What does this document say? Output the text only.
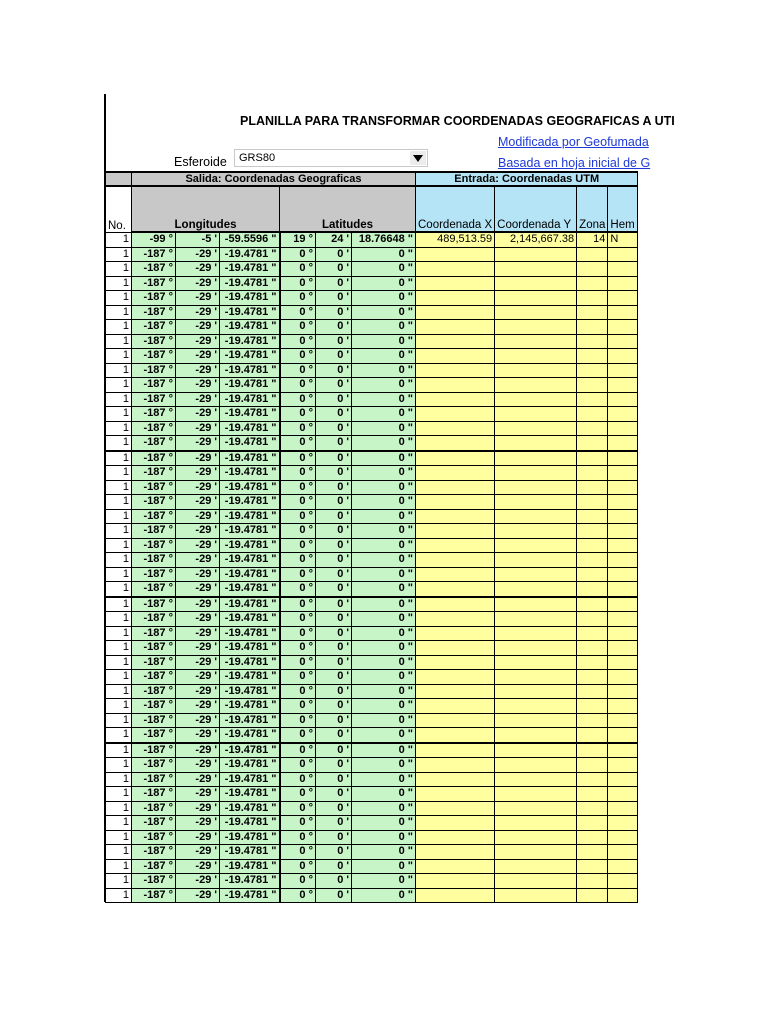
PLANILLA PARA TRANSFORMAR COORDENADAS GEOGRAFICAS A UTI
Modificada por Geofumada
Basada en hoja inicial de G
Esferoide GRS80
	Salida: Coordenadas Geograficas						Entrada: Coordenadas UTM			
No.	Longitudes			Latitudes			Coordenada X	Coordenada Y	Zona	Hem
1	-99 °	-5 '	-59.5596 "	19 °	24 '	18.76648 "	489,513.59	2,145,667.38	14	N
1	-187 °	-29 '	-19.4781 "	0 °	0 '	0 "				
1	-187 °	-29 '	-19.4781 "	0 °	0 '	0 "				
1	-187 °	-29 '	-19.4781 "	0 °	0 '	0 "				
1	-187 °	-29 '	-19.4781 "	0 °	0 '	0 "				
1	-187 °	-29 '	-19.4781 "	0 °	0 '	0 "				
1	-187 °	-29 '	-19.4781 "	0 °	0 '	0 "				
1	-187 °	-29 '	-19.4781 "	0 °	0 '	0 "				
1	-187 °	-29 '	-19.4781 "	0 °	0 '	0 "				
1	-187 °	-29 '	-19.4781 "	0 °	0 '	0 "				
1	-187 °	-29 '	-19.4781 "	0 °	0 '	0 "				
1	-187 °	-29 '	-19.4781 "	0 °	0 '	0 "				
1	-187 °	-29 '	-19.4781 "	0 °	0 '	0 "				
1	-187 °	-29 '	-19.4781 "	0 °	0 '	0 "				
1	-187 °	-29 '	-19.4781 "	0 °	0 '	0 "				
1	-187 °	-29 '	-19.4781 "	0 °	0 '	0 "				
1	-187 °	-29 '	-19.4781 "	0 °	0 '	0 "				
1	-187 °	-29 '	-19.4781 "	0 °	0 '	0 "				
1	-187 °	-29 '	-19.4781 "	0 °	0 '	0 "				
1	-187 °	-29 '	-19.4781 "	0 °	0 '	0 "				
1	-187 °	-29 '	-19.4781 "	0 °	0 '	0 "				
1	-187 °	-29 '	-19.4781 "	0 °	0 '	0 "				
1	-187 °	-29 '	-19.4781 "	0 °	0 '	0 "				
1	-187 °	-29 '	-19.4781 "	0 °	0 '	0 "				
1	-187 °	-29 '	-19.4781 "	0 °	0 '	0 "				
1	-187 °	-29 '	-19.4781 "	0 °	0 '	0 "				
1	-187 °	-29 '	-19.4781 "	0 °	0 '	0 "				
1	-187 °	-29 '	-19.4781 "	0 °	0 '	0 "				
1	-187 °	-29 '	-19.4781 "	0 °	0 '	0 "				
1	-187 °	-29 '	-19.4781 "	0 °	0 '	0 "				
1	-187 °	-29 '	-19.4781 "	0 °	0 '	0 "				
1	-187 °	-29 '	-19.4781 "	0 °	0 '	0 "				
1	-187 °	-29 '	-19.4781 "	0 °	0 '	0 "				
1	-187 °	-29 '	-19.4781 "	0 °	0 '	0 "				
1	-187 °	-29 '	-19.4781 "	0 °	0 '	0 "				
1	-187 °	-29 '	-19.4781 "	0 °	0 '	0 "				
1	-187 °	-29 '	-19.4781 "	0 °	0 '	0 "				
1	-187 °	-29 '	-19.4781 "	0 °	0 '	0 "				
1	-187 °	-29 '	-19.4781 "	0 °	0 '	0 "				
1	-187 °	-29 '	-19.4781 "	0 °	0 '	0 "				
1	-187 °	-29 '	-19.4781 "	0 °	0 '	0 "				
1	-187 °	-29 '	-19.4781 "	0 °	0 '	0 "				
1	-187 °	-29 '	-19.4781 "	0 °	0 '	0 "				
1	-187 °	-29 '	-19.4781 "	0 °	0 '	0 "				
1	-187 °	-29 '	-19.4781 "	0 °	0 '	0 "				
1	-187 °	-29 '	-19.4781 "	0 °	0 '	0 "				
